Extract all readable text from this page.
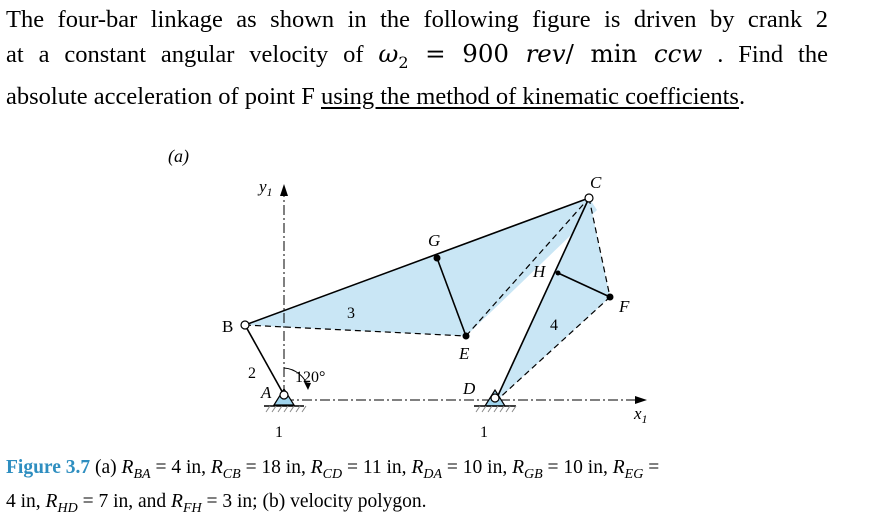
The four-bar linkage as shown in the following figure is driven by crank 2
at a constant angular velocity of $\omega_2 = 900$ rev/ min ccw . Find the
absolute acceleration of point F using the method of kinematic coefficients.
(a)
$y_1$
$x_1$
B
C
G
H
E
F
D
A
2
3
4
1	1
120°
Figure 3.7 (a) $R_{BA} = 4$ in, $R_{CB} = 18$ in, $R_{CD} = 11$ in, $R_{DA} = 10$ in, $R_{GB} = 10$ in, $R_{EG}$ =
4 in, $R_{HD} = 7$ in, and $R_{FH} = 3$ in; (b) velocity polygon.
